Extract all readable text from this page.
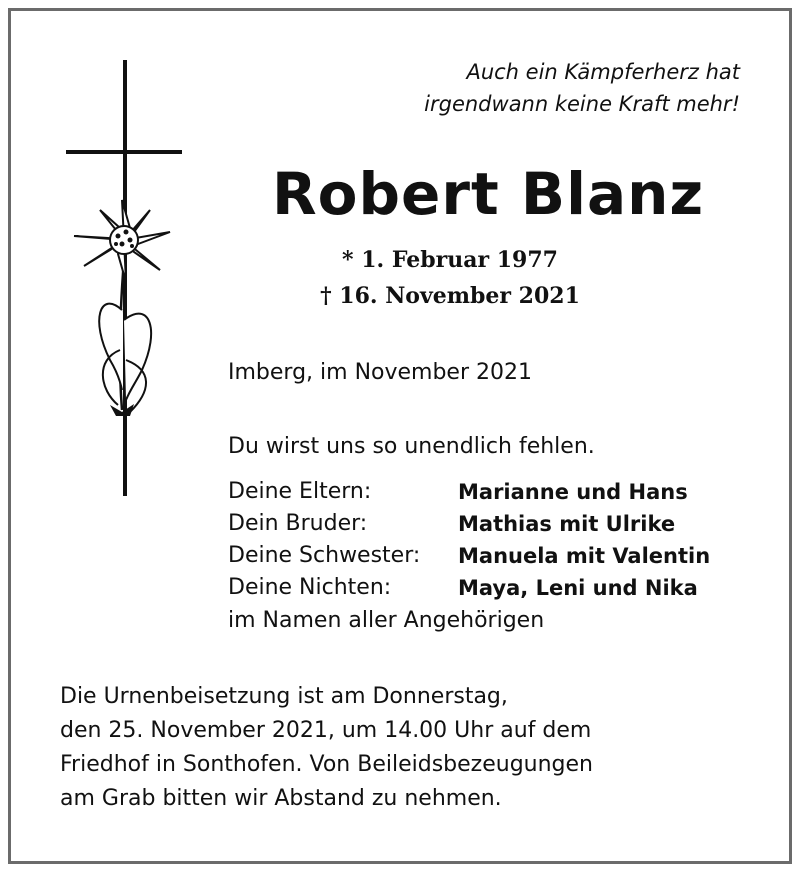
Auch ein Kämpferherz hat
irgendwann keine Kraft mehr!
Robert Blanz
* 1. Februar 1977
† 16. November 2021
Imberg, im November 2021
Du wirst uns so unendlich fehlen.
Deine Eltern:	Marianne und Hans
Dein Bruder:	Mathias mit Ulrike
Deine Schwester:	Manuela mit Valentin
Deine Nichten:	Maya, Leni und Nika
im Namen aller Angehörigen
Die Urnenbeisetzung ist am Donnerstag,
den 25. November 2021, um 14.00 Uhr auf dem
Friedhof in Sonthofen. Von Beileidsbezeugungen
am Grab bitten wir Abstand zu nehmen.
